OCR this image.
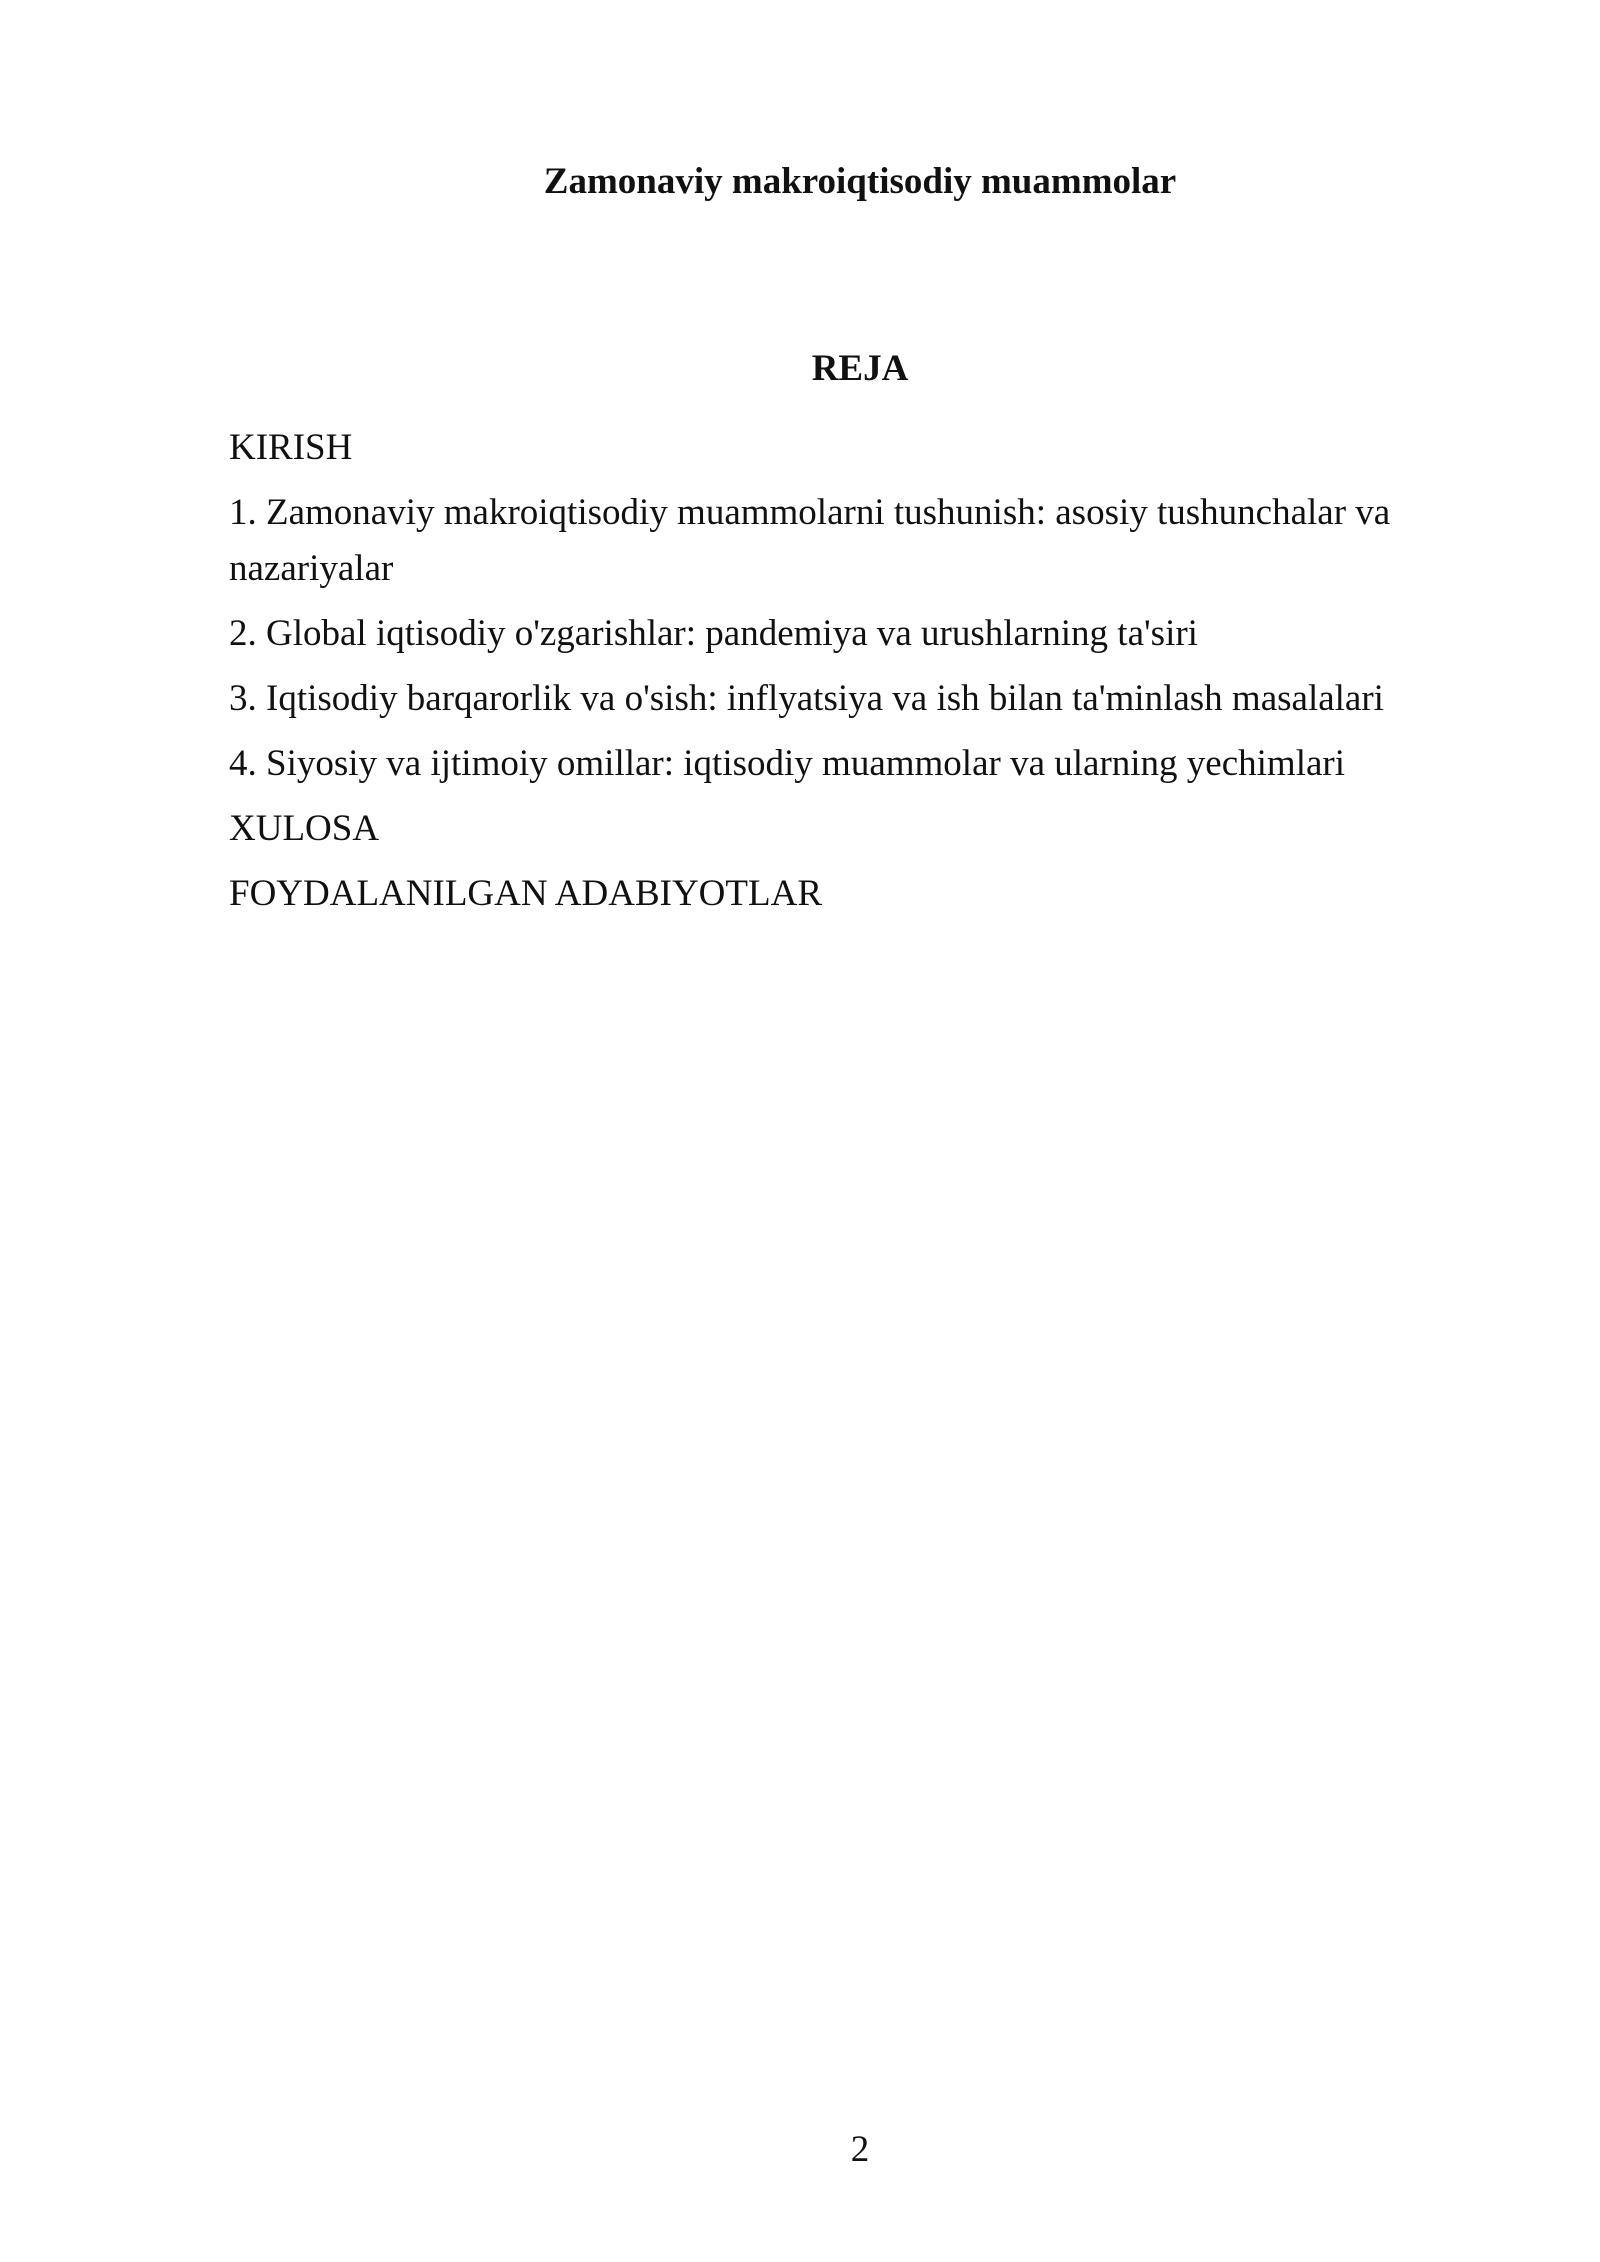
Zamonaviy makroiqtisodiy muammolar
REJA
KIRISH
1. Zamonaviy makroiqtisodiy muammolarni tushunish: asosiy tushunchalar va nazariyalar
2. Global iqtisodiy o'zgarishlar: pandemiya va urushlarning ta'siri
3. Iqtisodiy barqarorlik va o'sish: inflyatsiya va ish bilan ta'minlash masalalari
4. Siyosiy va ijtimoiy omillar: iqtisodiy muammolar va ularning yechimlari
XULOSA
FOYDALANILGAN ADABIYOTLAR
2
